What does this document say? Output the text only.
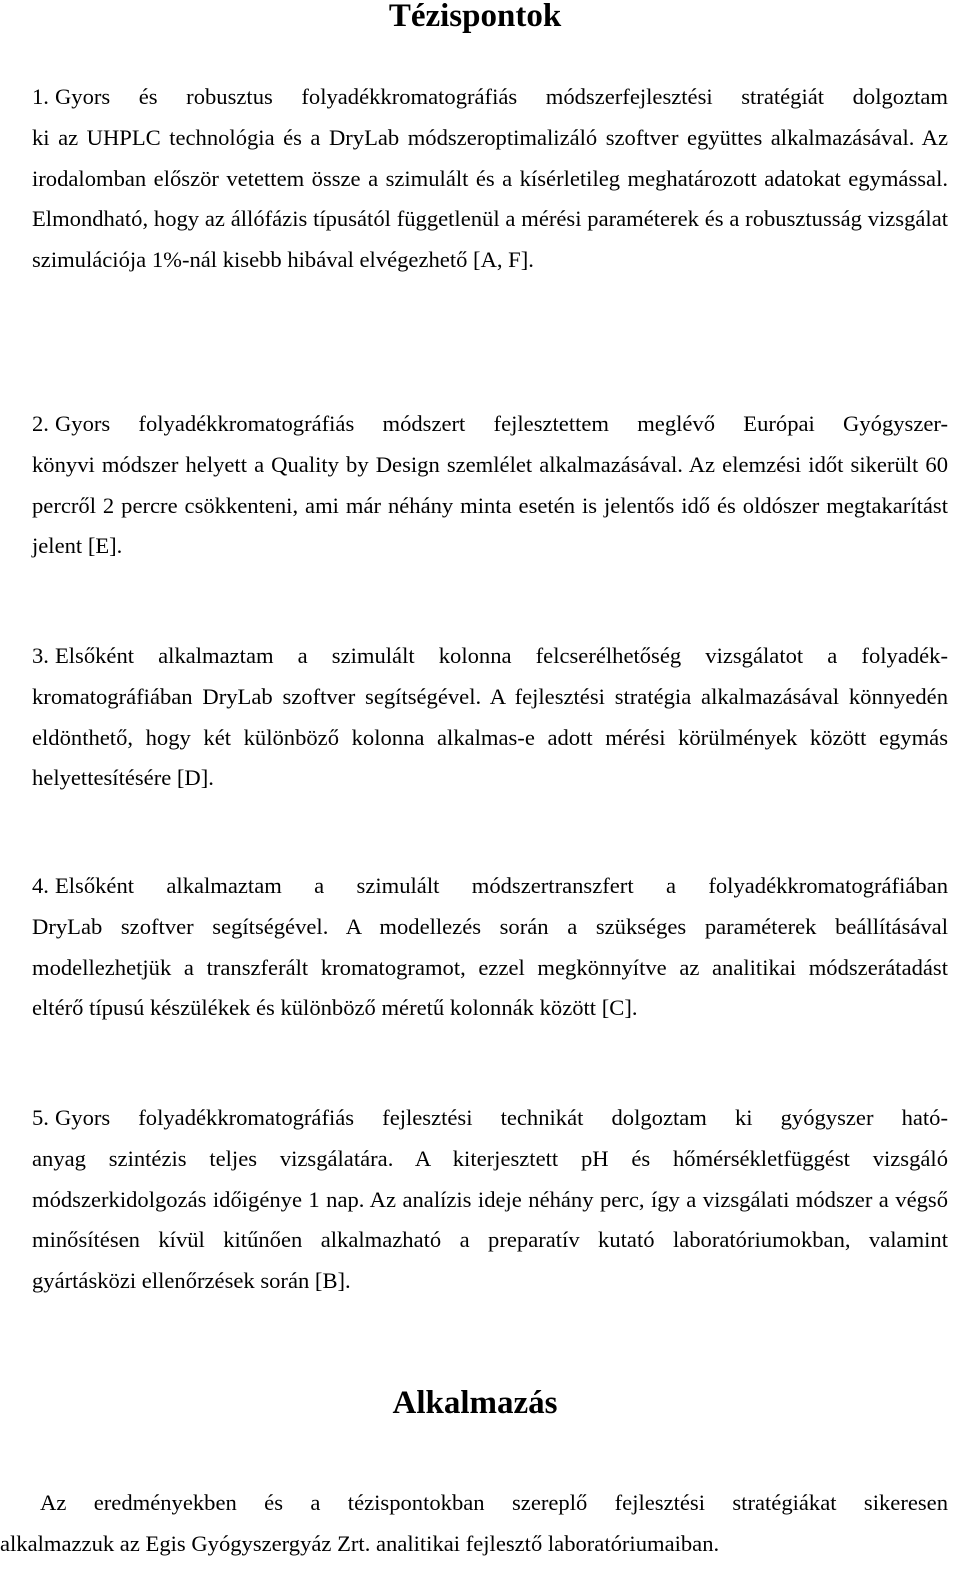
Tézispontok

1. Gyors és robusztus folyadékkromatográfiás módszerfejlesztési stratégiát dolgoztam
ki az UHPLC technológia és a DryLab módszeroptimalizáló szoftver együttes alkalmazásával. Az irodalomban először vetettem össze a szimulált és a kísérletileg meghatározott adatokat egymással. Elmondható, hogy az állófázis típusától függetlenül a mérési paraméterek és a robusztusság vizsgálat szimulációja 1%-nál kisebb hibával elvégezhető [A, F].

2. Gyors folyadékkromatográfiás módszert fejlesztettem meglévő Európai Gyógyszer-
könyvi módszer helyett a Quality by Design szemlélet alkalmazásával. Az elemzési időt sikerült 60 percről 2 percre csökkenteni, ami már néhány minta esetén is jelentős idő és oldószer megtakarítást jelent [E].

3. Elsőként alkalmaztam a szimulált kolonna felcserélhetőség vizsgálatot a folyadék-
kromatográfiában DryLab szoftver segítségével. A fejlesztési stratégia alkalmazásával könnyedén eldönthető, hogy két különböző kolonna alkalmas-e adott mérési körülmények között egymás helyettesítésére [D].

4. Elsőként alkalmaztam a szimulált módszertranszfert a folyadékkromatográfiában
DryLab szoftver segítségével. A modellezés során a szükséges paraméterek beállításával modellezhetjük a transzferált kromatogramot, ezzel megkönnyítve az analitikai módszerátadást eltérő típusú készülékek és különböző méretű kolonnák között [C].

5. Gyors folyadékkromatográfiás fejlesztési technikát dolgoztam ki gyógyszer ható-
anyag szintézis teljes vizsgálatára. A kiterjesztett pH és hőmérsékletfüggést vizsgáló módszerkidolgozás időigénye 1 nap. Az analízis ideje néhány perc, így a vizsgálati módszer a végső minősítésen kívül kitűnően alkalmazható a preparatív kutató laboratóriumokban, valamint gyártásközi ellenőrzések során [B].

Alkalmazás

Az eredményekben és a tézispontokban szereplő fejlesztési stratégiákat sikeresen
alkalmazzuk az Egis Gyógyszergyáz Zrt. analitikai fejlesztő laboratóriumaiban.
